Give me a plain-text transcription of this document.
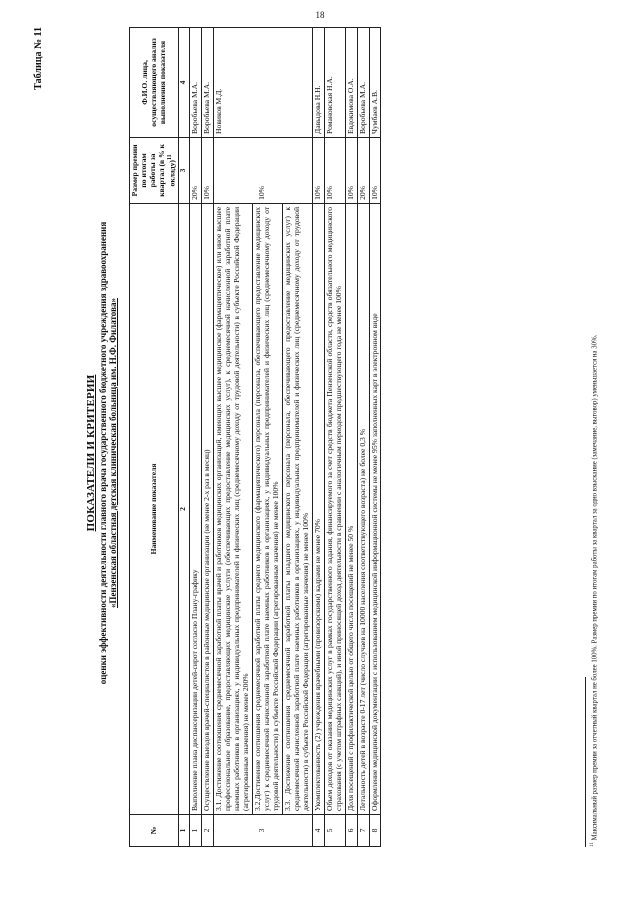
18
Таблица № 11
ПОКАЗАТЕЛИ И КРИТЕРИИ оценки эффективности деятельности главного врача государственного бюджетного учреждения здравоохранения «Пензенская областная детская клиническая больница им. Н.Ф. Филатова»
№	Наименование показателя	Размер премии по итогам работы за квартал (в % к окладу)$^{11}$	Ф.И.О. лица, осуществляющего анализ выполнения показателя
1	2	3	4
1	Выполнение плана диспансеризации детей-сирот согласно Плану-графику	20%	Воробьева М.А.
2	Осуществление выездов врачей-специалистов в районные медицинские организации (не менее 2-х раз в месяц)	10%	Воробьева М.А.
3	3.1. Достижение соотношения среднемесячной заработной платы врачей и работников медицинских организаций, имеющих высшее медицинское (фармацевтическое) или иное высшее профессиональное образование, предоставляющих медицинские услуги (обеспечивающих предоставление медицинских услуг), к среднемесячной начисленной заработной плате наемных работников в организациях, у индивидуальных предпринимателей и физических лиц (среднемесячному доходу от трудовой деятельности) в субъекте Российской Федерации (агрегированные значения) не менее 200%	10%	Новиков М.Д.
	3.2.Достижение соотношения среднемесячной заработной платы среднего медицинского (фармацевтического) персонала (персонала, обеспечивающего предоставление медицинских услуг) к среднемесячной начисленной заработной плате наемных работников в организациях, у индивидуальных предпринимателей и физических лиц (среднемесячному доходу от трудовой деятельности) в субъекте Российской Федерации (агрегированные значения) не менее 100%		
	3.3. Достижение соотношения среднемесячной заработной платы младшего медицинского персонала (персонала, обеспечивающего предоставление медицинских услуг) к среднемесячной начисленной заработной плате наемных работников в организациях, у индивидуальных предпринимателей и физических лиц (среднемесячному доходу от трудовой деятельности) в субъекте Российской Федерации (агрегированные значения) не менее 100%		
4	Укомплектованность (2) учреждения врачебными (провизорскими) кадрами не менее 70%	10%	Давыдова Н.Н.
5	Объем доходов от оказания медицинских услуг в рамках государственного задания, финансируемого за счет средств бюджета Пензенской области, средств обязательного медицинского страхования (с учетом штрафных санкций), и иной приносящей доход деятельности в сравнении с аналогичным периодом предшествующего года не менее 100%	10%	Романовская Н.А.
6	Доля посещений с профилактической целью от общего числа посещений не менее 50 %	10%	Евдокимова О.А.
7	Летальность детей в возрасте 0-17 лет (число случаев на 10000 населения соответствующего возраста) не более 0,3 %	20%	Воробьева М.А.
8	Оформление медицинской документации с использованием медицинской информационной системы не менее 95% заполненных карт в электронном виде	10%	Чумбаев А.В.
$^{11}$ Максимальный размер премии за отчетный квартал не более 100%. Размер премии по итогам работы за квартал за одно взыскание (замечание, выговор) уменьшается на 30%.
